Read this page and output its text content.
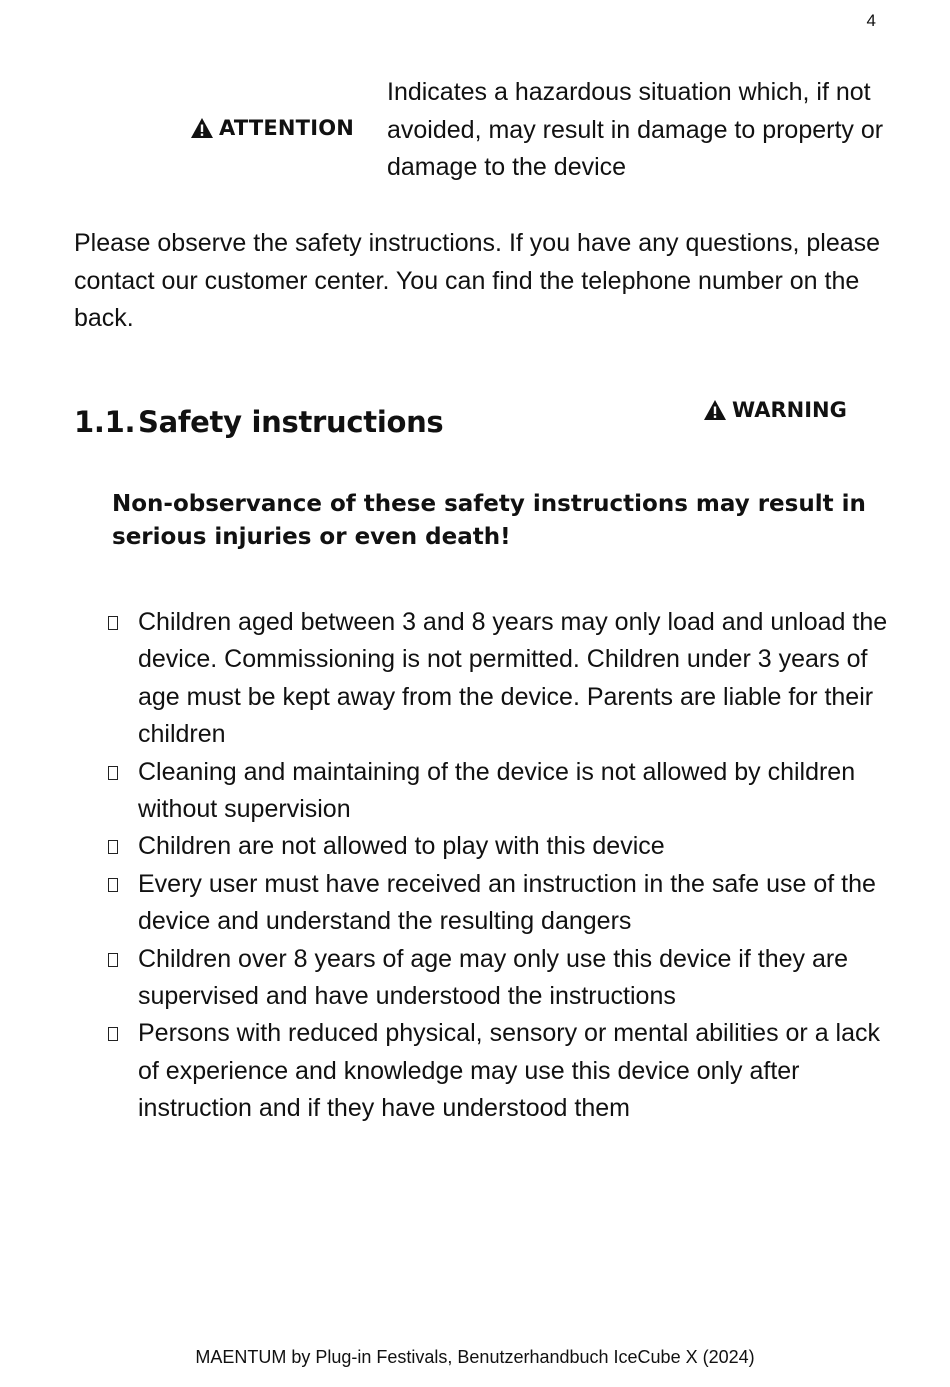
4
ATTENTION
Indicates a hazardous situation which, if not avoided, may result in damage to property or damage to the device
Please observe the safety instructions. If you have any questions, please contact our customer center. You can find the telephone number on the back.
1.1. Safety instructions	WARNING
Non-observance of these safety instructions may result in serious injuries or even death!
Children aged between 3 and 8 years may only load and unload the device. Commissioning is not permitted. Children under 3 years of age must be kept away from the device. Parents are liable for their children
Cleaning and maintaining of the device is not allowed by children without supervision
Children are not allowed to play with this device
Every user must have received an instruction in the safe use of the device and understand the resulting dangers
Children over 8 years of age may only use this device if they are supervised and have understood the instructions
Persons with reduced physical, sensory or mental abilities or a lack of experience and knowledge may use this device only after instruction and if they have understood them
MAENTUM by Plug-in Festivals, Benutzerhandbuch IceCube X (2024)
